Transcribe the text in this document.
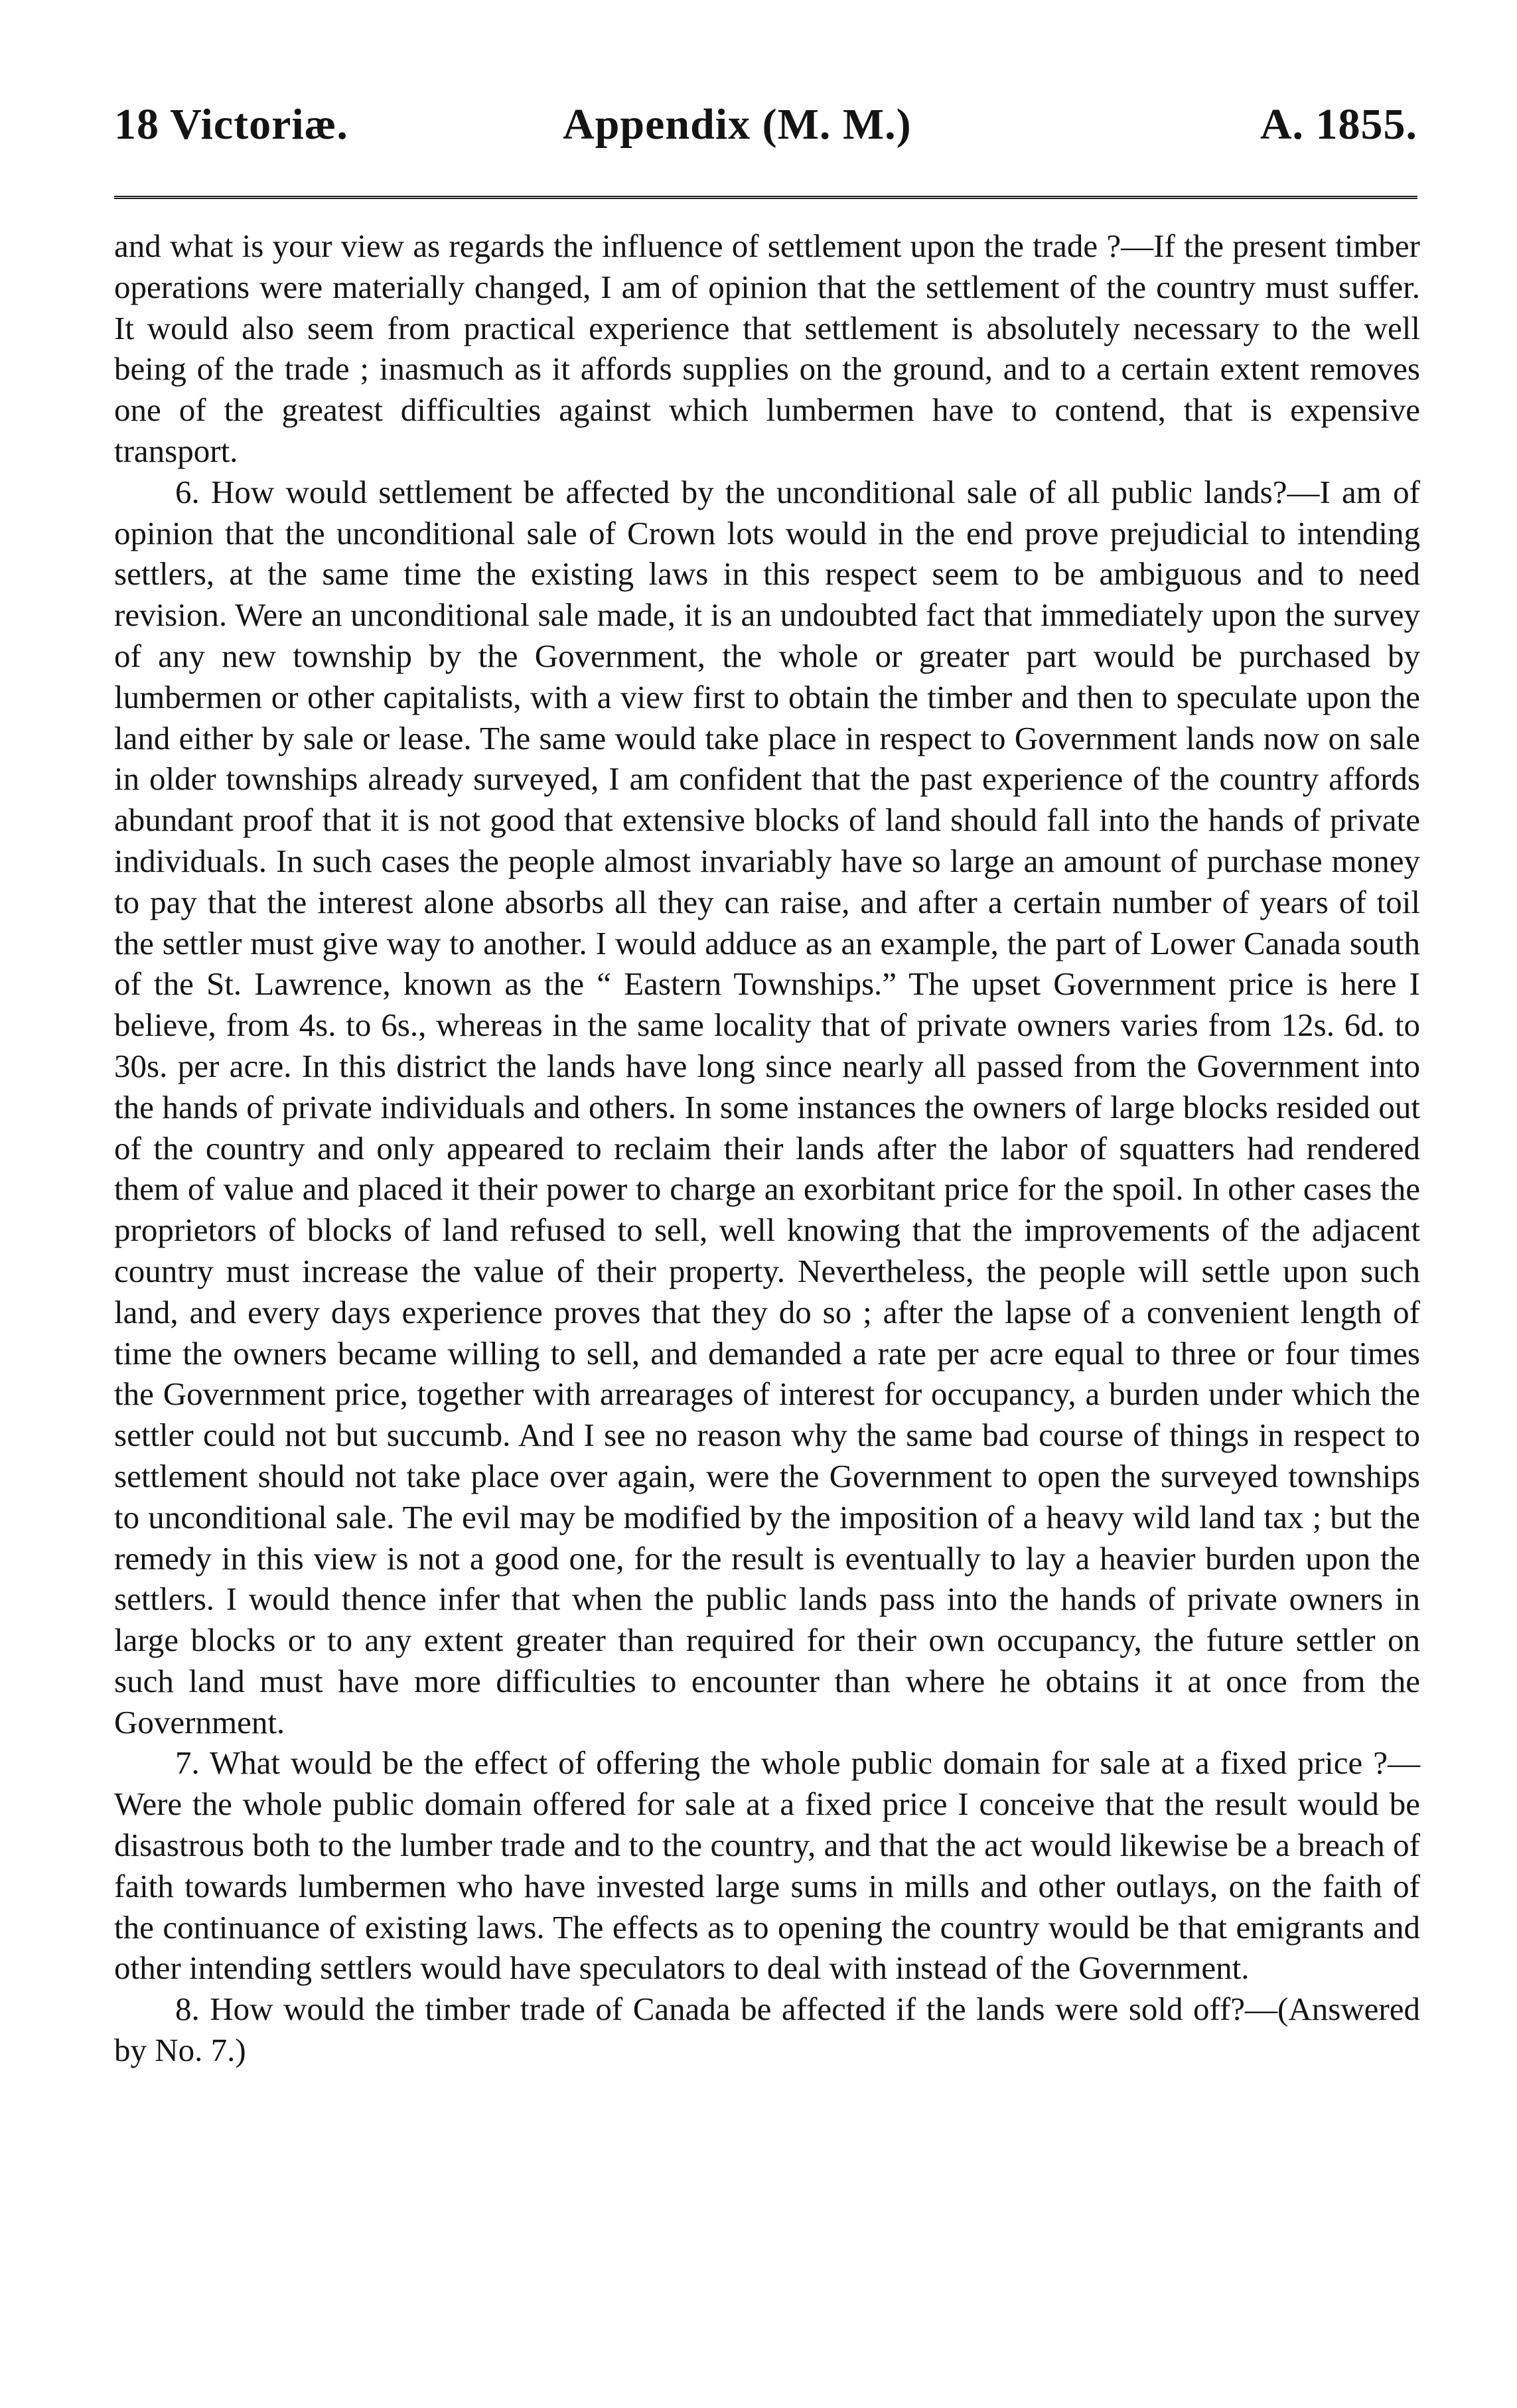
18 Victoriæ.	Appendix (M. M.)	A. 1855.

and what is your view as regards the influence of settlement upon the trade ?—If the present timber operations were materially changed, I am of opinion that the settlement of the country must suffer. It would also seem from practical experience that settlement is absolutely necessary to the well being of the trade ; inasmuch as it affords supplies on the ground, and to a certain extent removes one of the greatest difficulties against which lumbermen have to contend, that is expensive transport.

6. How would settlement be affected by the unconditional sale of all public lands?—I am of opinion that the unconditional sale of Crown lots would in the end prove prejudicial to intending settlers, at the same time the existing laws in this respect seem to be ambiguous and to need revision. Were an unconditional sale made, it is an undoubted fact that immediately upon the survey of any new township by the Government, the whole or greater part would be purchased by lumbermen or other capitalists, with a view first to obtain the timber and then to speculate upon the land either by sale or lease. The same would take place in respect to Government lands now on sale in older townships already surveyed, I am confident that the past experience of the country affords abundant proof that it is not good that extensive blocks of land should fall into the hands of private individuals. In such cases the people almost invariably have so large an amount of purchase money to pay that the interest alone absorbs all they can raise, and after a certain number of years of toil the settler must give way to another. I would adduce as an example, the part of Lower Canada south of the St. Lawrence, known as the “ Eastern Townships.” The upset Government price is here I believe, from 4s. to 6s., whereas in the same locality that of private owners varies from 12s. 6d. to 30s. per acre. In this district the lands have long since nearly all passed from the Government into the hands of private individuals and others. In some instances the owners of large blocks resided out of the country and only appeared to reclaim their lands after the labor of squatters had rendered them of value and placed it their power to charge an exorbitant price for the spoil. In other cases the proprietors of blocks of land refused to sell, well knowing that the improvements of the adjacent country must increase the value of their property. Nevertheless, the people will settle upon such land, and every days experience proves that they do so ; after the lapse of a convenient length of time the owners became willing to sell, and demanded a rate per acre equal to three or four times the Government price, together with arrearages of interest for occupancy, a burden under which the settler could not but succumb. And I see no reason why the same bad course of things in respect to settlement should not take place over again, were the Government to open the surveyed townships to unconditional sale. The evil may be modified by the imposition of a heavy wild land tax ; but the remedy in this view is not a good one, for the result is eventually to lay a heavier burden upon the settlers. I would thence infer that when the public lands pass into the hands of private owners in large blocks or to any extent greater than required for their own occupancy, the future settler on such land must have more difficulties to encounter than where he obtains it at once from the Government.

7. What would be the effect of offering the whole public domain for sale at a fixed price ?—Were the whole public domain offered for sale at a fixed price I conceive that the result would be disastrous both to the lumber trade and to the country, and that the act would likewise be a breach of faith towards lumbermen who have invested large sums in mills and other outlays, on the faith of the continuance of existing laws. The effects as to opening the country would be that emigrants and other intending settlers would have speculators to deal with instead of the Government.

8. How would the timber trade of Canada be affected if the lands were sold off?—(Answered by No. 7.)
